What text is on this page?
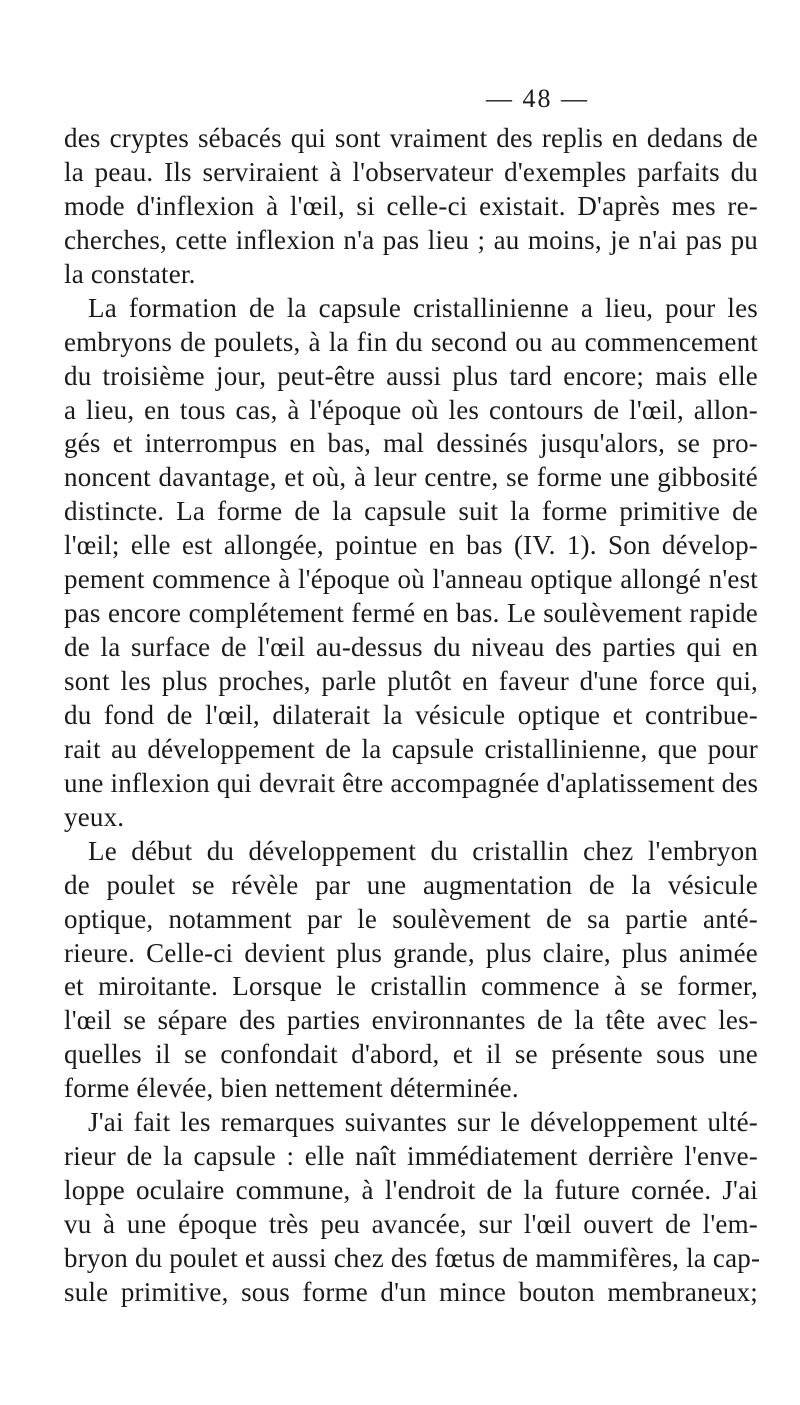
— 48 —
des cryptes sébacés qui sont vraiment des replis en dedans de
la peau. Ils serviraient à l'observateur d'exemples parfaits du
mode d'inflexion à l'œil, si celle-ci existait. D'après mes re-
cherches, cette inflexion n'a pas lieu ; au moins, je n'ai pas pu
la constater.
La formation de la capsule cristallinienne a lieu, pour les
embryons de poulets, à la fin du second ou au commencement
du troisième jour, peut-être aussi plus tard encore; mais elle
a lieu, en tous cas, à l'époque où les contours de l'œil, allon-
gés et interrompus en bas, mal dessinés jusqu'alors, se pro-
noncent davantage, et où, à leur centre, se forme une gibbosité
distincte. La forme de la capsule suit la forme primitive de
l'œil; elle est allongée, pointue en bas (IV. 1). Son dévelop-
pement commence à l'époque où l'anneau optique allongé n'est
pas encore complétement fermé en bas. Le soulèvement rapide
de la surface de l'œil au-dessus du niveau des parties qui en
sont les plus proches, parle plutôt en faveur d'une force qui,
du fond de l'œil, dilaterait la vésicule optique et contribue-
rait au développement de la capsule cristallinienne, que pour
une inflexion qui devrait être accompagnée d'aplatissement des
yeux.
Le début du développement du cristallin chez l'embryon
de poulet se révèle par une augmentation de la vésicule
optique, notamment par le soulèvement de sa partie anté-
rieure. Celle-ci devient plus grande, plus claire, plus animée
et miroitante. Lorsque le cristallin commence à se former,
l'œil se sépare des parties environnantes de la tête avec les-
quelles il se confondait d'abord, et il se présente sous une
forme élevée, bien nettement déterminée.
J'ai fait les remarques suivantes sur le développement ulté-
rieur de la capsule : elle naît immédiatement derrière l'enve-
loppe oculaire commune, à l'endroit de la future cornée. J'ai
vu à une époque très peu avancée, sur l'œil ouvert de l'em-
bryon du poulet et aussi chez des fœtus de mammifères, la cap-
sule primitive, sous forme d'un mince bouton membraneux;
